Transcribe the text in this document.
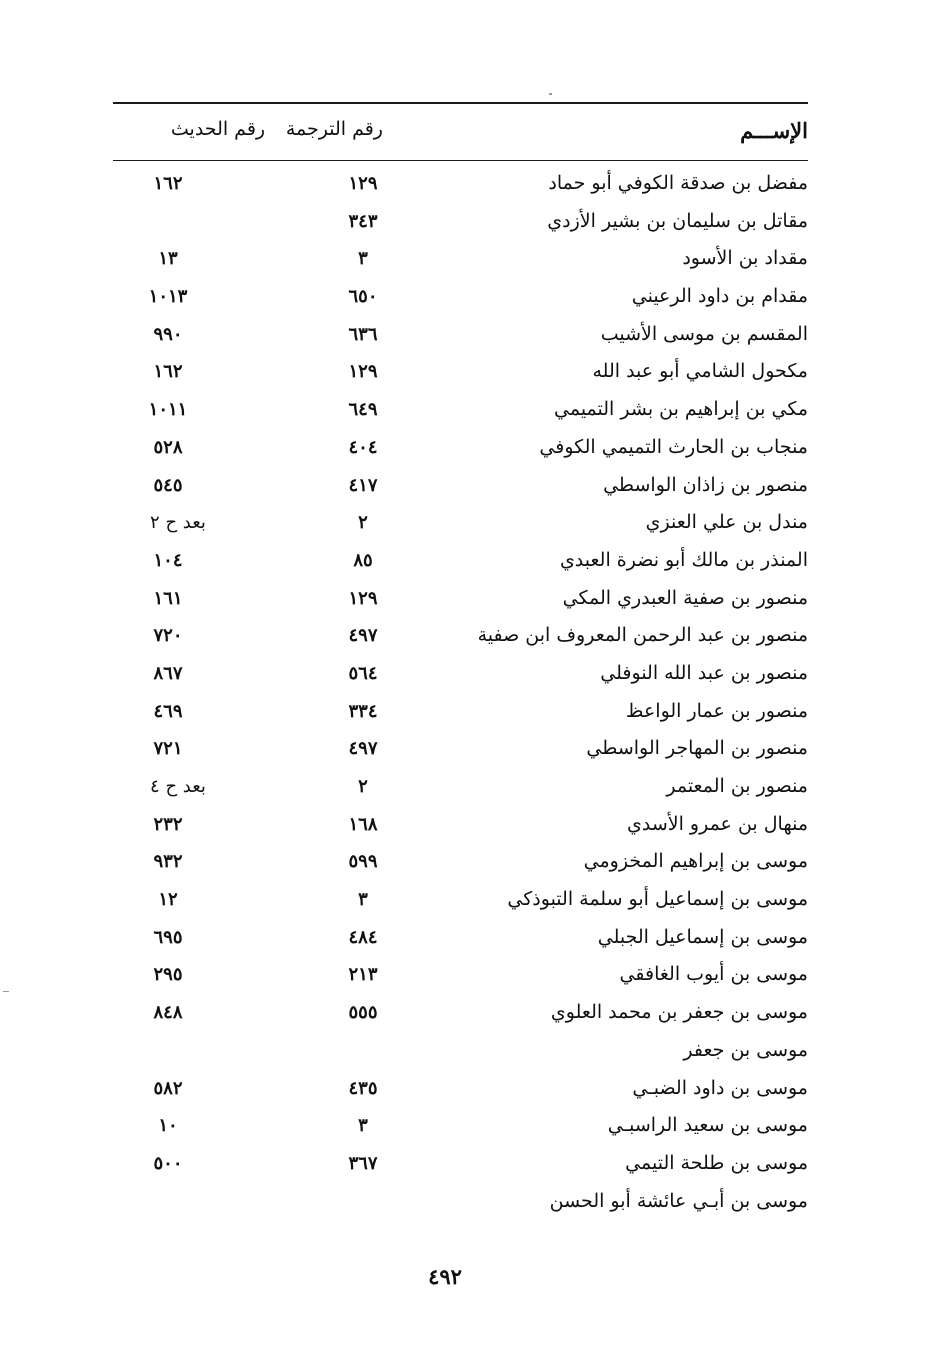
الإســـم
رقم الترجمة
رقم الحديث
مفضل بن صدقة الكوفي أبو حماد
١٢٩
١٦٢
مقاتل بن سليمان بن بشير الأزدي
٣٤٣
مقداد بن الأسود
٣
١٣
مقدام بن داود الرعيني
٦٥٠
١٠١٣
المقسم بن موسى الأشيب
٦٣٦
٩٩٠
مكحول الشامي أبو عبد الله
١٢٩
١٦٢
مكي بن إبراهيم بن بشر التميمي
٦٤٩
١٠١١
منجاب بن الحارث التميمي الكوفي
٤٠٤
٥٢٨
منصور بن زاذان الواسطي
٤١٧
٥٤٥
مندل بن علي العنزي
٢
بعد ح ٢
المنذر بن مالك أبو نضرة العبدي
٨٥
١٠٤
منصور بن صفية العبدري المكي
١٢٩
١٦١
منصور بن عبد الرحمن المعروف ابن صفية
٤٩٧
٧٢٠
منصور بن عبد الله النوفلي
٥٦٤
٨٦٧
منصور بن عمار الواعظ
٣٣٤
٤٦٩
منصور بن المهاجر الواسطي
٤٩٧
٧٢١
منصور بن المعتمر
٢
بعد ح ٤
منهال بن عمرو الأسدي
١٦٨
٢٣٢
موسى بن إبراهيم المخزومي
٥٩٩
٩٣٢
موسى بن إسماعيل أبو سلمة التبوذكي
٣
١٢
موسى بن إسماعيل الجبلي
٤٨٤
٦٩٥
موسى بن أيوب الغافقي
٢١٣
٢٩٥
موسى بن جعفر بن محمد العلوي
٥٥٥
٨٤٨
موسى بن جعفر
موسى بن داود الضبـي
٤٣٥
٥٨٢
موسى بن سعيد الراسبـي
٣
١٠
موسى بن طلحة التيمي
٣٦٧
٥٠٠
موسى بن أبـي عائشة أبو الحسن
٤٩٢
